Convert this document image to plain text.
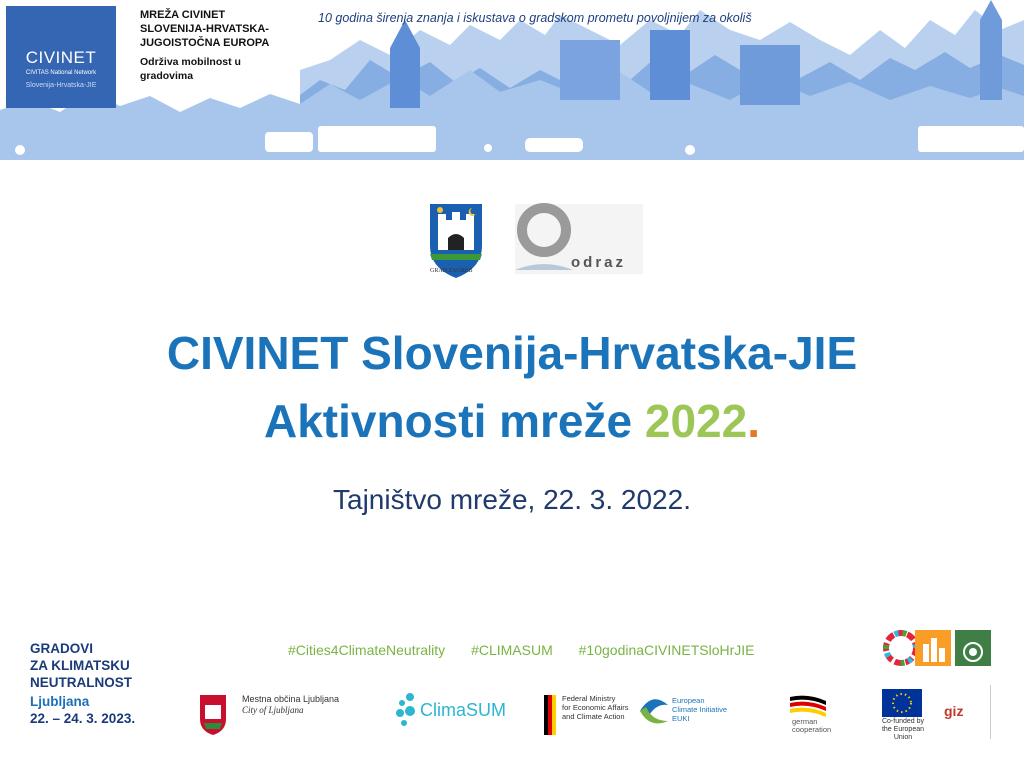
CIVINET
CIVITAS National Network
Slovenija-Hrvatska-JIE
MREŽA CIVINET
SLOVENIJA-HRVATSKA-
JUGOISTOČNA EUROPA
Održiva mobilnost u
gradovima
10 godina širenja znanja i iskustava o gradskom prometu povoljnijem za okoliš
GRAD ZAGREB	odraz
CIVINET Slovenija-Hrvatska-JIE
Aktivnosti mreže 2022.
Tajništvo mreže, 22. 3. 2022.
GRADOVI
ZA KLIMATSKU
NEUTRALNOST
Ljubljana
22. – 24. 3. 2023.
#Cities4ClimateNeutrality #CLIMASUM #10godinaCIVINETSloHrJIE
Mestna občina Ljubljana
City of Ljubljana	ClimaSUM
Federal Ministry
for Economic Affairs
and Climate Action
European
Climate Initiative
EUKI	german
cooperation
Co-funded by
the European Union
giz
